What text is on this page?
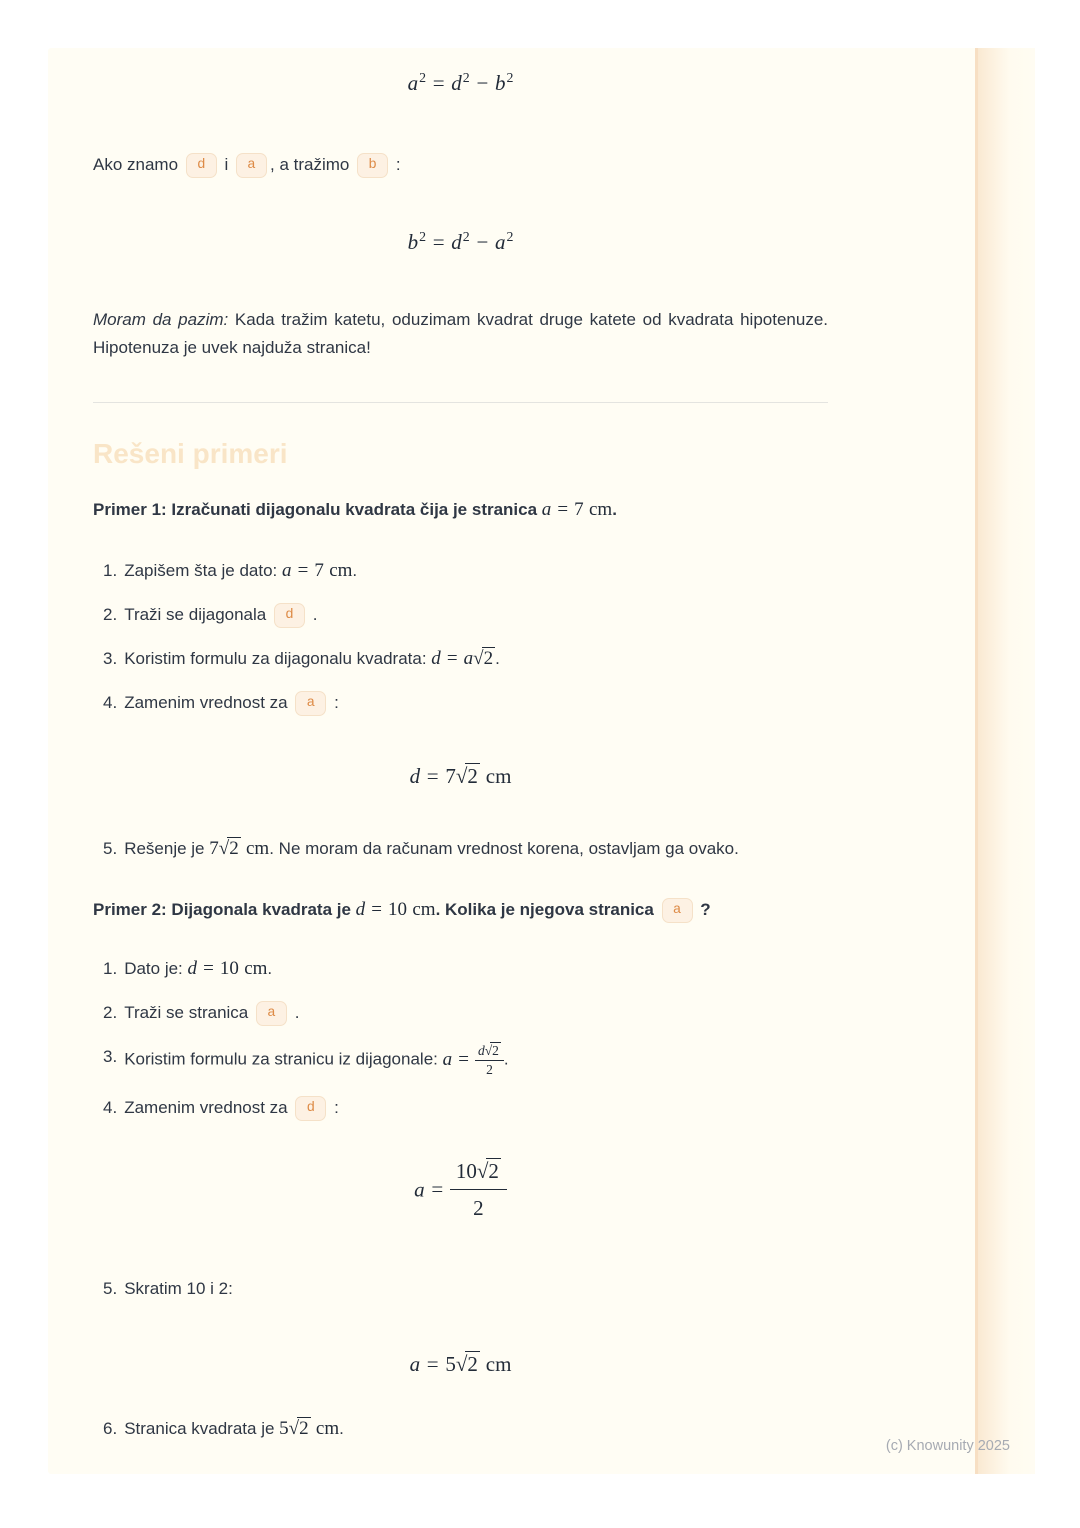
$a^2 = d^2 - b^2$

Ako znamo d i a , a tražimo b :

$b^2 = d^2 - a^2$

Moram da pazim: Kada tražim katetu, oduzimam kvadrat druge katete od kvadrata hipotenuze. Hipotenuza je uvek najduža stranica!

Rešeni primeri
Primer 1: Izračunati dijagonalu kvadrata čija je stranica a = 7 cm.
1. Zapišem šta je dato: a = 7 cm.
2. Traži se dijagonala d .
3. Koristim formulu za dijagonalu kvadrata: d = a√2 .
4. Zamenim vrednost za a :
d = 7√2 cm
5. Rešenje je 7√2 cm. Ne moram da računam vrednost korena, ostavljam ga ovako.
Primer 2: Dijagonala kvadrata je d = 10 cm. Kolika je njegova stranica a ?
1. Dato je: d = 10 cm.
2. Traži se stranica a .
3. Koristim formulu za stranicu iz dijagonale: $a = \frac{d√2}{2}$ .
4. Zamenim vrednost za d :
$a = \frac{10√2}{2}$
5. Skratim 10 i 2:
a = 5√2 cm
6. Stranica kvadrata je 5√2 cm.
(c) Knowunity 2025
